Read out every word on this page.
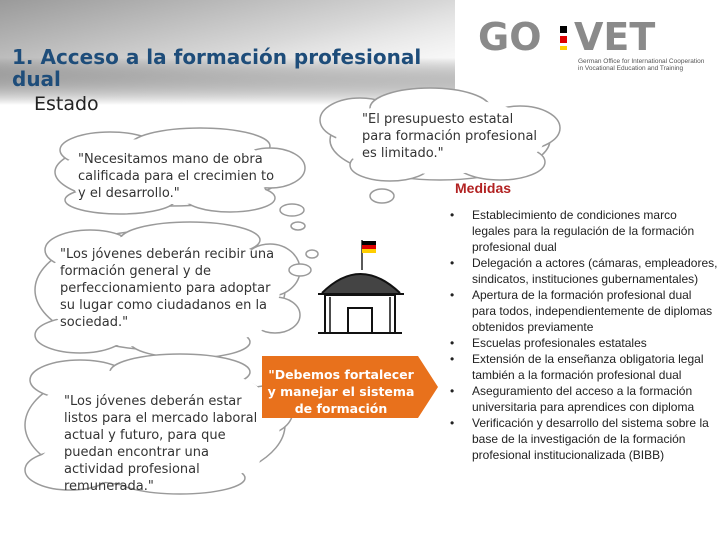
1. Acceso a la formación profesional dual
Estado
GO VET
German Office for International Cooperation
in Vocational Education and Training
"El presupuesto estatal para formación profesional es limitado."
"Necesitamos mano de obra calificada para el crecimien to y el desarrollo."
"Los jóvenes deberán recibir una formación general y de perfeccionamiento para adoptar su lugar como ciudadanos en la sociedad."
"Los jóvenes deberán estar listos para el mercado laboral actual y futuro, para que puedan encontrar una actividad profesional remunerada."
"Debemos fortalecer y manejar el sistema de formación profesional
Medidas
• Establecimiento de condiciones marco legales para la regulación de la formación profesional dual
• Delegación a actores (cámaras, empleadores, sindicatos, instituciones gubernamentales)
• Apertura de la formación profesional dual para todos, independientemente de diplomas obtenidos previamente
• Escuelas profesionales estatales
• Extensión de la enseñanza obligatoria legal también a la formación profesional dual
• Aseguramiento del acceso a la formación universitaria para aprendices con diploma
• Verificación y desarrollo del sistema sobre la base de la investigación de la formación profesional institucionalizada (BIBB)
